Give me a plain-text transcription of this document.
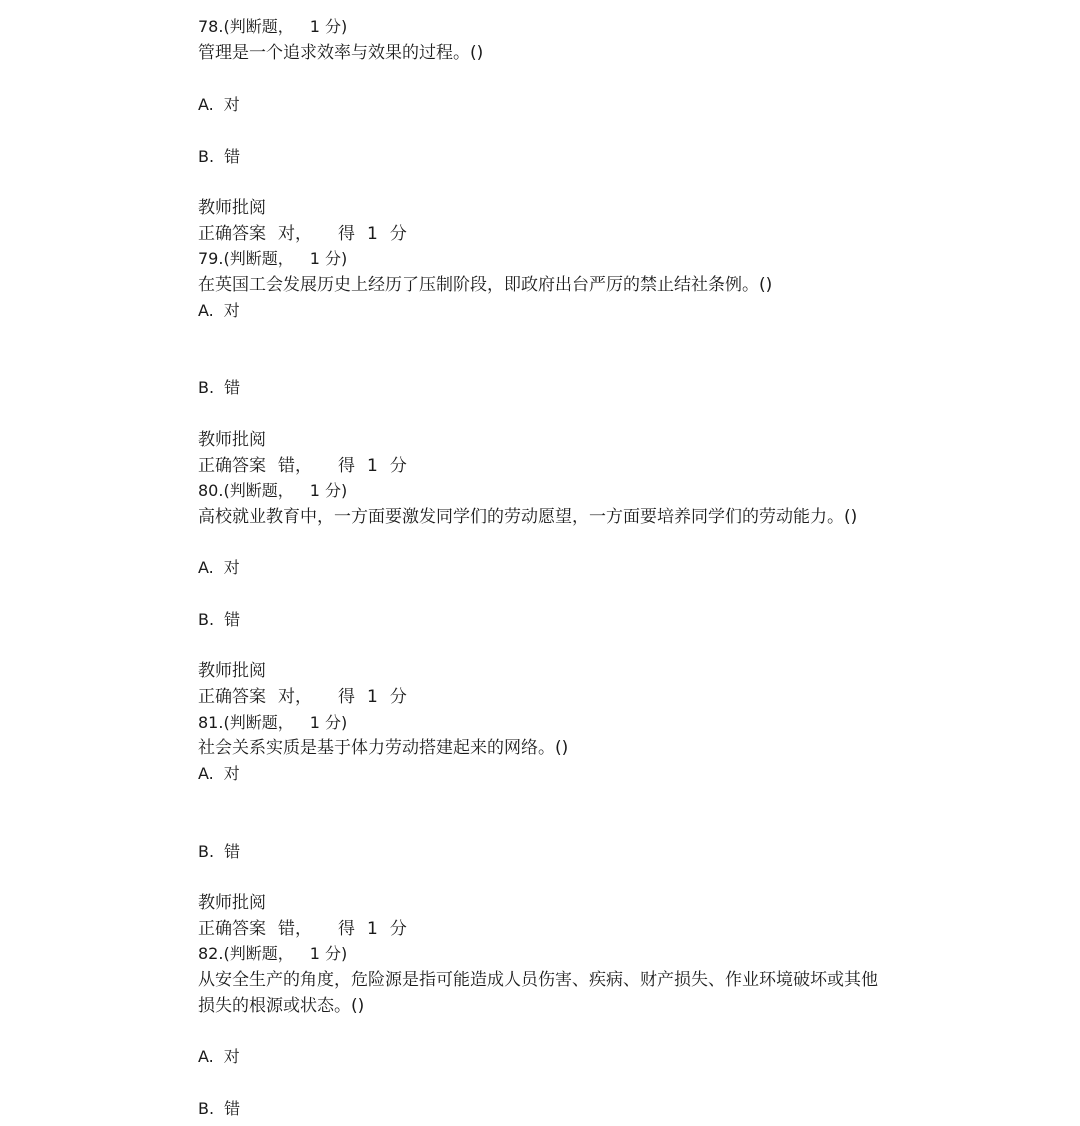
78.(判断题， 1 分)
管理是一个追求效率与效果的过程。()
A. 对
B. 错
教师批阅
正确答案 对， 得 1 分
79.(判断题， 1 分)
在英国工会发展历史上经历了压制阶段，即政府出台严厉的禁止结社条例。()
A. 对
B. 错
教师批阅
正确答案 错， 得 1 分
80.(判断题， 1 分)
高校就业教育中，一方面要激发同学们的劳动愿望，一方面要培养同学们的劳动能力。()
A. 对
B. 错
教师批阅
正确答案 对， 得 1 分
81.(判断题， 1 分)
社会关系实质是基于体力劳动搭建起来的网络。()
A. 对
B. 错
教师批阅
正确答案 错， 得 1 分
82.(判断题， 1 分)
从安全生产的角度，危险源是指可能造成人员伤害、疾病、财产损失、作业环境破坏或其他
损失的根源或状态。()
A. 对
B. 错
